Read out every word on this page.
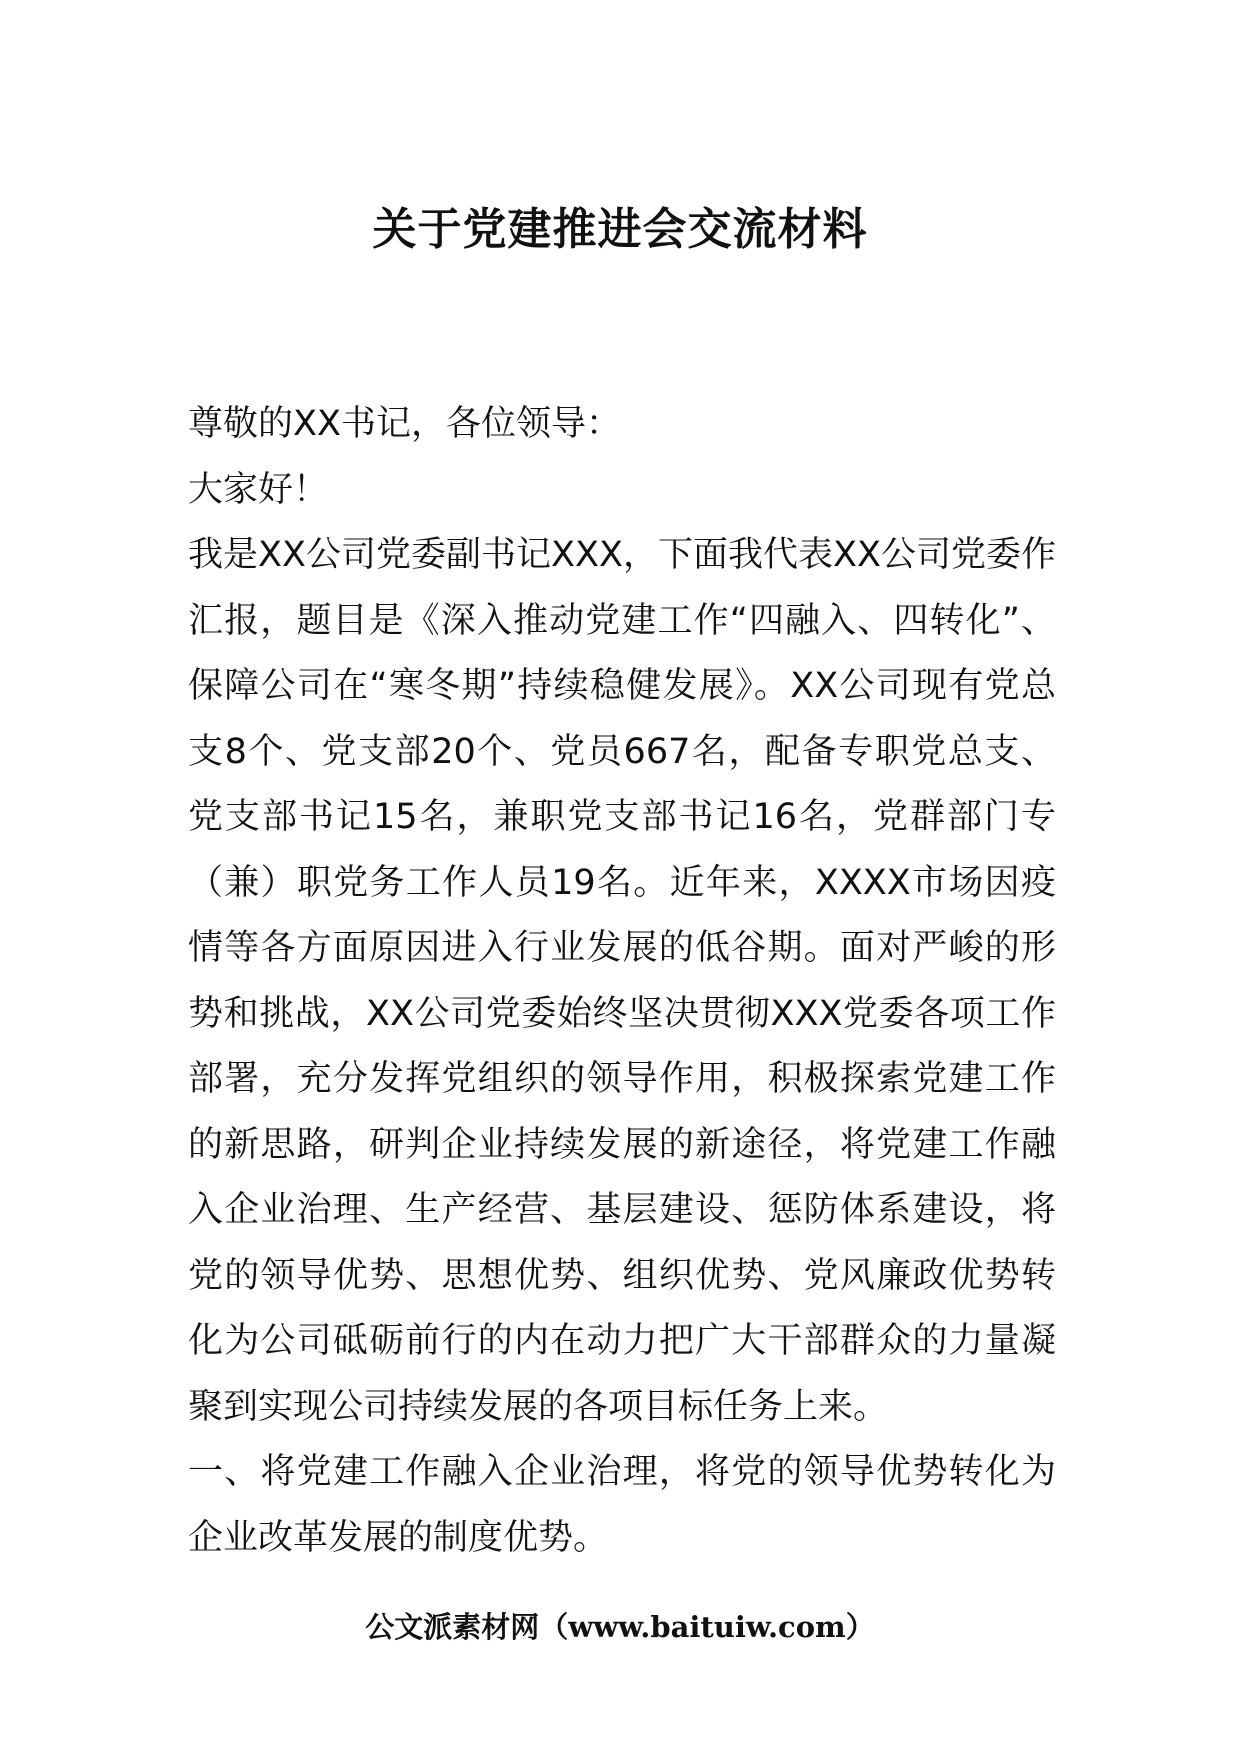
关于党建推进会交流材料

尊敬的XX书记，各位领导：

大家好！

我是XX公司党委副书记XXX，下面我代表XX公司党委作汇报，题目是《深入推动党建工作“四融入、四转化”、保障公司在“寒冬期”持续稳健发展》。XX公司现有党总支8个、党支部20个、党员667名，配备专职党总支、党支部书记15名，兼职党支部书记16名，党群部门专（兼）职党务工作人员19名。近年来，XXXX市场因疫情等各方面原因进入行业发展的低谷期。面对严峻的形势和挑战，XX公司党委始终坚决贯彻XXX党委各项工作部署，充分发挥党组织的领导作用，积极探索党建工作的新思路，研判企业持续发展的新途径，将党建工作融入企业治理、生产经营、基层建设、惩防体系建设，将党的领导优势、思想优势、组织优势、党风廉政优势转化为公司砥砺前行的内在动力把广大干部群众的力量凝聚到实现公司持续发展的各项目标任务上来。

一、将党建工作融入企业治理，将党的领导优势转化为企业改革发展的制度优势。

公文派素材网（www.baituiw.com）
